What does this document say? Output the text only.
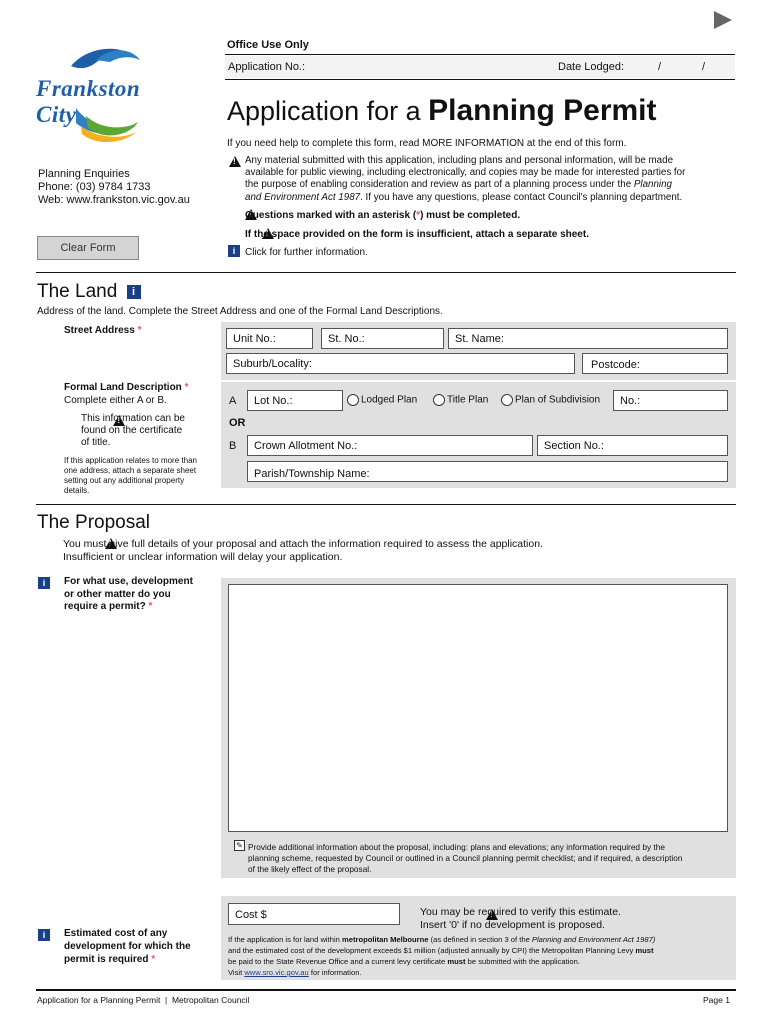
Frankston City
Office Use Only
Application No.:	Date Lodged:	/	/
Application for a Planning Permit
Planning Enquiries
Phone: (03) 9784 1733
Web: www.frankston.vic.gov.au
If you need help to complete this form, read MORE INFORMATION at the end of this form.
!
Any material submitted with this application, including plans and personal information, will be made
available for public viewing, including electronically, and copies may be made for interested parties for
the purpose of enabling consideration and review as part of a planning process under the Planning
and Environment Act 1987. If you have any questions, please contact Council's planning department.
!
Questions marked with an asterisk (*) must be completed.
!
If the space provided on the form is insufficient, attach a separate sheet.
i Click for further information.
Clear Form
The Land i
Address of the land. Complete the Street Address and one of the Formal Land Descriptions.
Street Address *
Unit No.:	St. No.:	St. Name:
Suburb/Locality:	Postcode:
Formal Land Description *
Complete either A or B.
!
This information can be
found on the certificate
of title.
If this application relates to more than
one address, attach a separate sheet
setting out any additional property
details.
A	Lot No.:	Lodged Plan	Title Plan	Plan of Subdivision	No.:
OR
B	Crown Allotment No.:	Section No.:
Parish/Township Name:
The Proposal
!
You must give full details of your proposal and attach the information required to assess the application.
Insufficient or unclear information will delay your application.
i	For what use, development
or other matter do you
require a permit? *
✎ Provide additional information about the proposal, including: plans and elevations; any information required by the
planning scheme, requested by Council or outlined in a Council planning permit checklist; and if required, a description
of the likely effect of the proposal.
Cost $
!	You may be required to verify this estimate.
Insert '0' if no development is proposed.
If the application is for land within metropolitan Melbourne (as defined in section 3 of the Planning and Environment Act 1987)
and the estimated cost of the development exceeds $1 million (adjusted annually by CPI) the Metropolitan Planning Levy must
be paid to the State Revenue Office and a current levy certificate must be submitted with the application.
Visit www.sro.vic.gov.au for information.
i	Estimated cost of any
development for which the
permit is required *
Application for a Planning Permit  |  Metropolitan Council	Page 1
